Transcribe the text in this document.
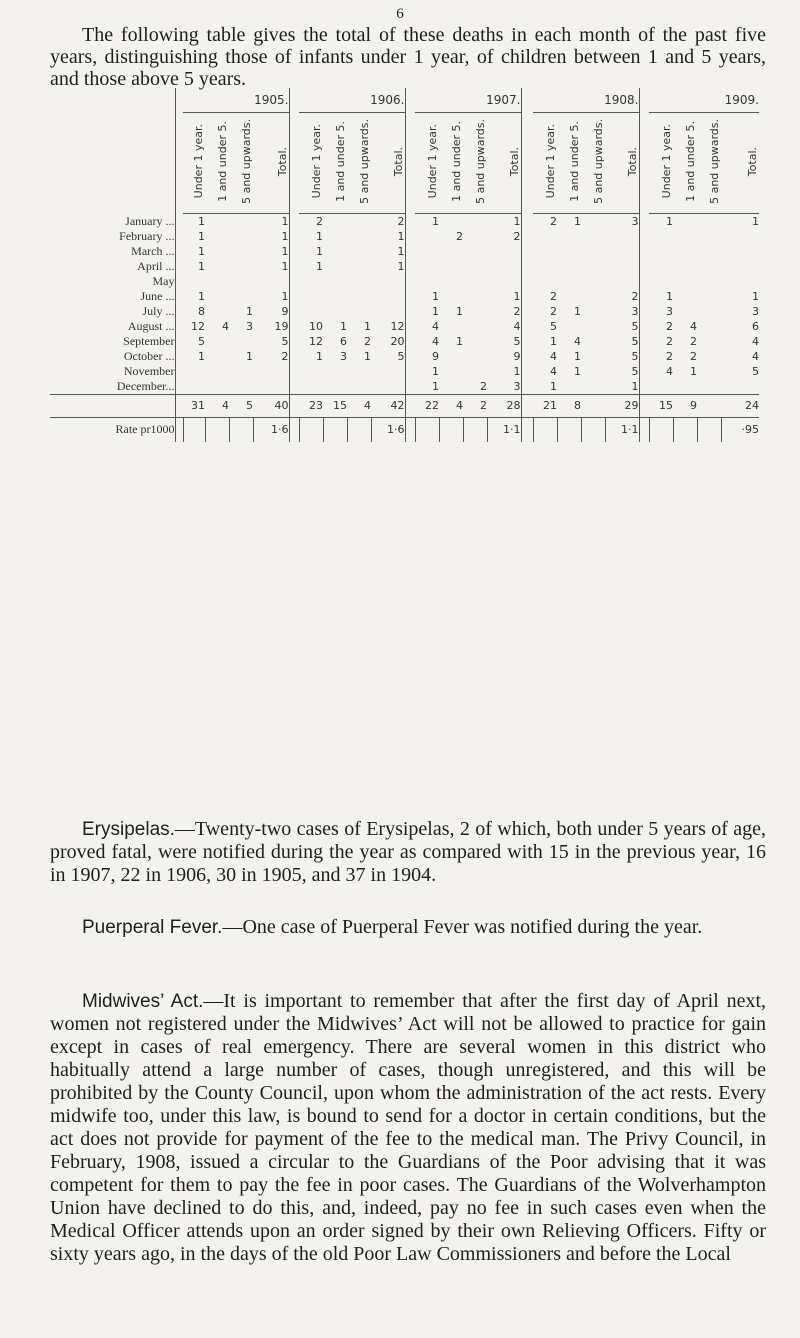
6

The following table gives the total of these deaths in each month of the past five years, distinguishing those of infants under 1 year, of children between 1 and 5 years, and those above 5 years.

		1905.					1906.					1907.					1908.					1909.			
		Under 1 year.	1 and under 5.	5 and upwards.	Total.		Under 1 year.	1 and under 5.	5 and upwards.	Total.		Under 1 year.	1 and under 5.	5 and upwards.	Total.		Under 1 year.	1 and under 5.	5 and upwards.	Total.		Under 1 year.	1 and under 5.	5 and upwards.	Total.
January ...		1			1		2			2		1			1		2	1		3		1			1
February ...		1			1		1			1			2		2										
March ...		1			1		1			1															
April ...		1			1		1			1															
May																									
June ...		1			1							1			1		2			2		1			1
July ...		8		1	9							1	1		2		2	1		3		3			3
August ...		12	4	3	19		10	1	1	12		4			4		5			5		2	4		6
September		5			5		12	6	2	20		4	1		5		1	4		5		2	2		4
October ...		1		1	2		1	3	1	5		9			9		4	1		5		2	2		4
November												1			1		4	1		5		4	1		5
December...												1		2	3		1			1					
		31	4	5	40		23	15	4	42		22	4	2	28		21	8		29		15	9		24
Rate pr1000					1·6					1·6					1·1					1·1					·95

Erysipelas.—Twenty-two cases of Erysipelas, 2 of which, both under 5 years of age, proved fatal, were notified during the year as compared with 15 in the previous year, 16 in 1907, 22 in 1906, 30 in 1905, and 37 in 1904.

Puerperal Fever.—One case of Puerperal Fever was notified during the year.

Midwives’ Act.—It is important to remember that after the first day of April next, women not registered under the Midwives’ Act will not be allowed to practice for gain except in cases of real emergency. There are several women in this district who habitually attend a large number of cases, though unregistered, and this will be prohibited by the County Council, upon whom the administration of the act rests. Every midwife too, under this law, is bound to send for a doctor in certain conditions, but the act does not provide for payment of the fee to the medical man. The Privy Council, in February, 1908, issued a circular to the Guardians of the Poor advising that it was competent for them to pay the fee in poor cases. The Guardians of the Wolverhampton Union have declined to do this, and, indeed, pay no fee in such cases even when the Medical Officer attends upon an order signed by their own Relieving Officers. Fifty or sixty years ago, in the days of the old Poor Law Commissioners and before the Local
